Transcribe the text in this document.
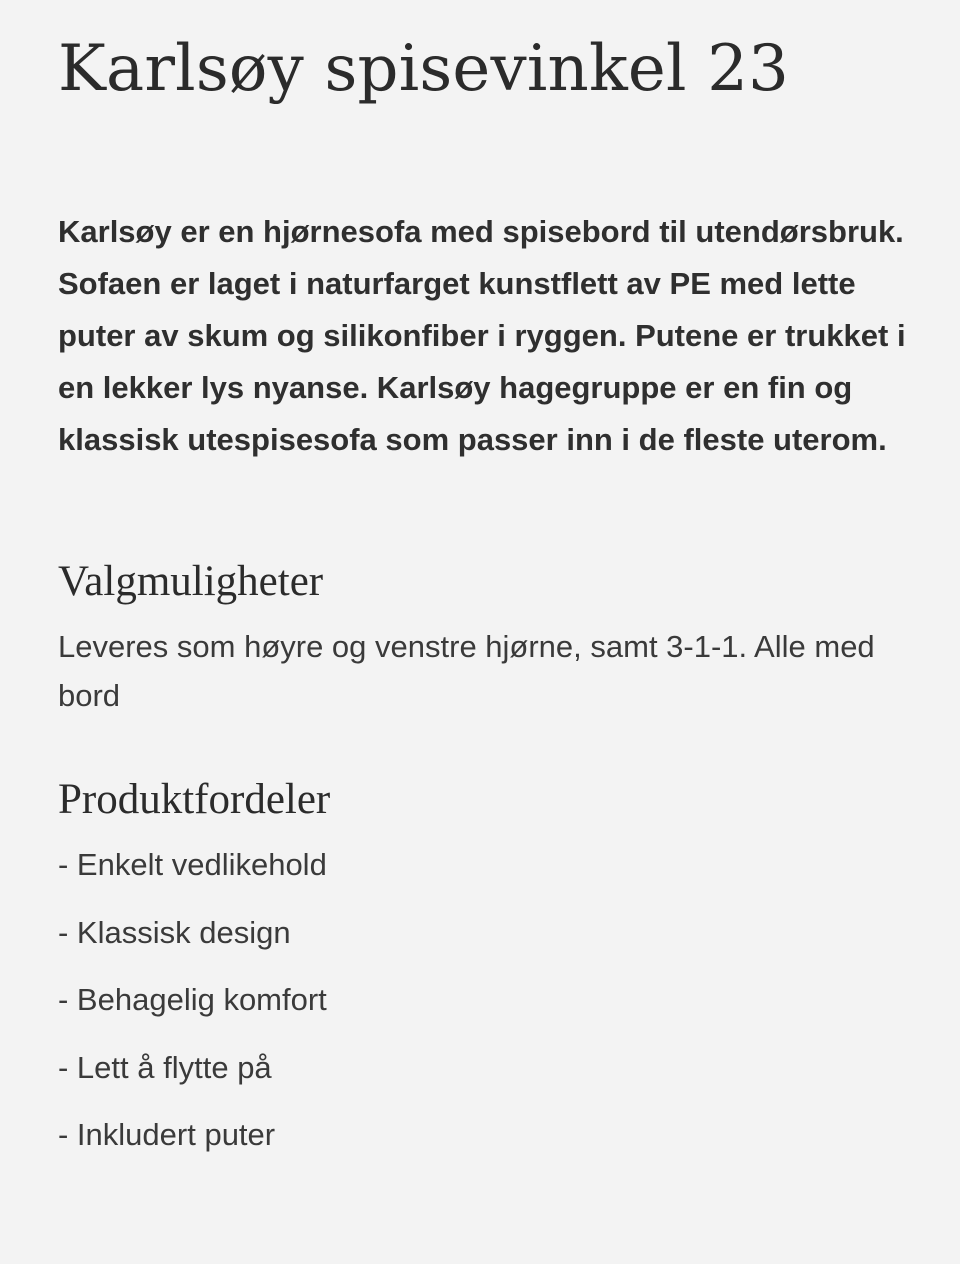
Karlsøy spisevinkel 23

Karlsøy er en hjørnesofa med spisebord til utendørsbruk. Sofaen er laget i naturfarget kunstflett av PE med lette puter av skum og silikonfiber i ryggen. Putene er trukket i en lekker lys nyanse. Karlsøy hagegruppe er en fin og klassisk utespisesofa som passer inn i de fleste uterom.

Valgmuligheter

Leveres som høyre og venstre hjørne, samt 3-1-1. Alle med bord

Produktfordeler
- Enkelt vedlikehold
- Klassisk design
- Behagelig komfort
- Lett å flytte på
- Inkludert puter
